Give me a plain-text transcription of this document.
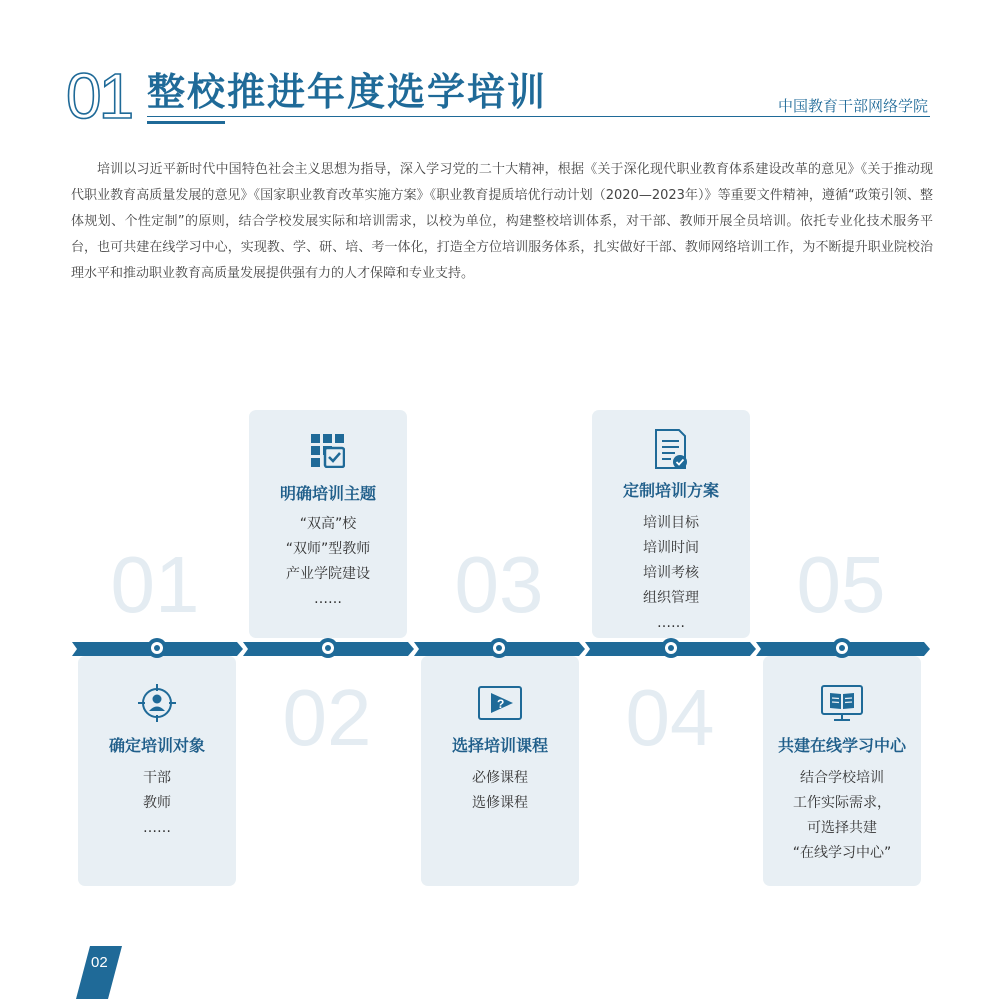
01 整校推进年度选学培训	中国教育干部网络学院

培训以习近平新时代中国特色社会主义思想为指导，深入学习党的二十大精神，根据《关于深化现代职业教育体系建设改革的意见》《关于推动现代职业教育高质量发展的意见》《国家职业教育改革实施方案》《职业教育提质培优行动计划（2020—2023年）》等重要文件精神，遵循“政策引领、整体规划、个性定制”的原则，结合学校发展实际和培训需求，以校为单位，构建整校培训体系，对干部、教师开展全员培训。依托专业化技术服务平台，也可共建在线学习中心，实现教、学、研、培、考一体化，打造全方位培训服务体系，扎实做好干部、教师网络培训工作，为不断提升职业院校治理水平和推动职业教育高质量发展提供强有力的人才保障和专业支持。

01
02
03
04
05
明确培训主题
“双高”校
“双师”型教师
产业学院建设
……
定制培训方案
培训目标
培训时间
培训考核
组织管理
……
确定培训对象
干部
教师
……
?
选择培训课程
必修课程
选修课程
共建在线学习中心
结合学校培训
工作实际需求，
可选择共建
“在线学习中心”
02
